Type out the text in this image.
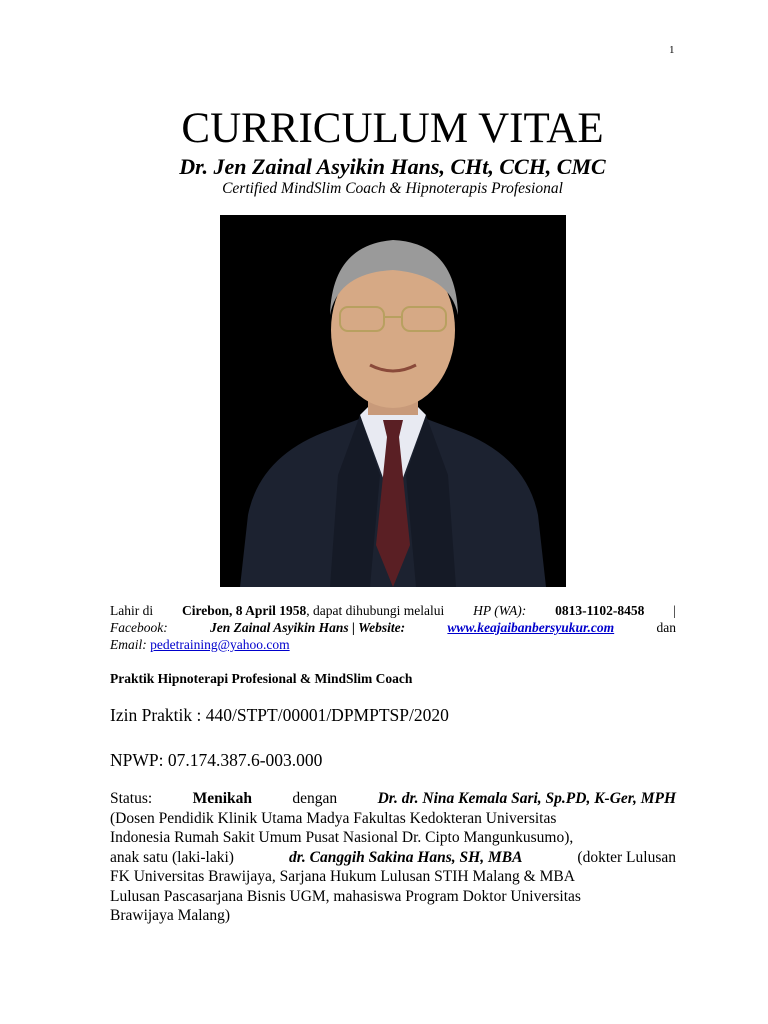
1
CURRICULUM VITAE
Dr. Jen Zainal Asyikin Hans, CHt, CCH, CMC
Certified MindSlim Coach & Hipnoterapis Profesional
Lahir di Cirebon, 8 April 1958, dapat dihubungi melalui HP (WA): 0813-1102-8458 |
Facebook:	Jen Zainal Asyikin Hans | Website:	www.keajaibanbersyukur.com	dan
Email: pedetraining@yahoo.com
Praktik Hipnoterapi Profesional & MindSlim Coach
Izin Praktik : 440/STPT/00001/DPMPTSP/2020
NPWP: 07.174.387.6-003.000
Status:	Menikah	dengan	Dr. dr. Nina Kemala Sari, Sp.PD, K-Ger, MPH
(Dosen Pendidik Klinik Utama Madya Fakultas Kedokteran Universitas
Indonesia Rumah Sakit Umum Pusat Nasional Dr. Cipto Mangunkusumo),
anak satu (laki-laki)	dr. Canggih Sakina Hans, SH, MBA	(dokter Lulusan
FK Universitas Brawijaya, Sarjana Hukum Lulusan STIH Malang & MBA
Lulusan Pascasarjana Bisnis UGM, mahasiswa Program Doktor Universitas
Brawijaya Malang)
